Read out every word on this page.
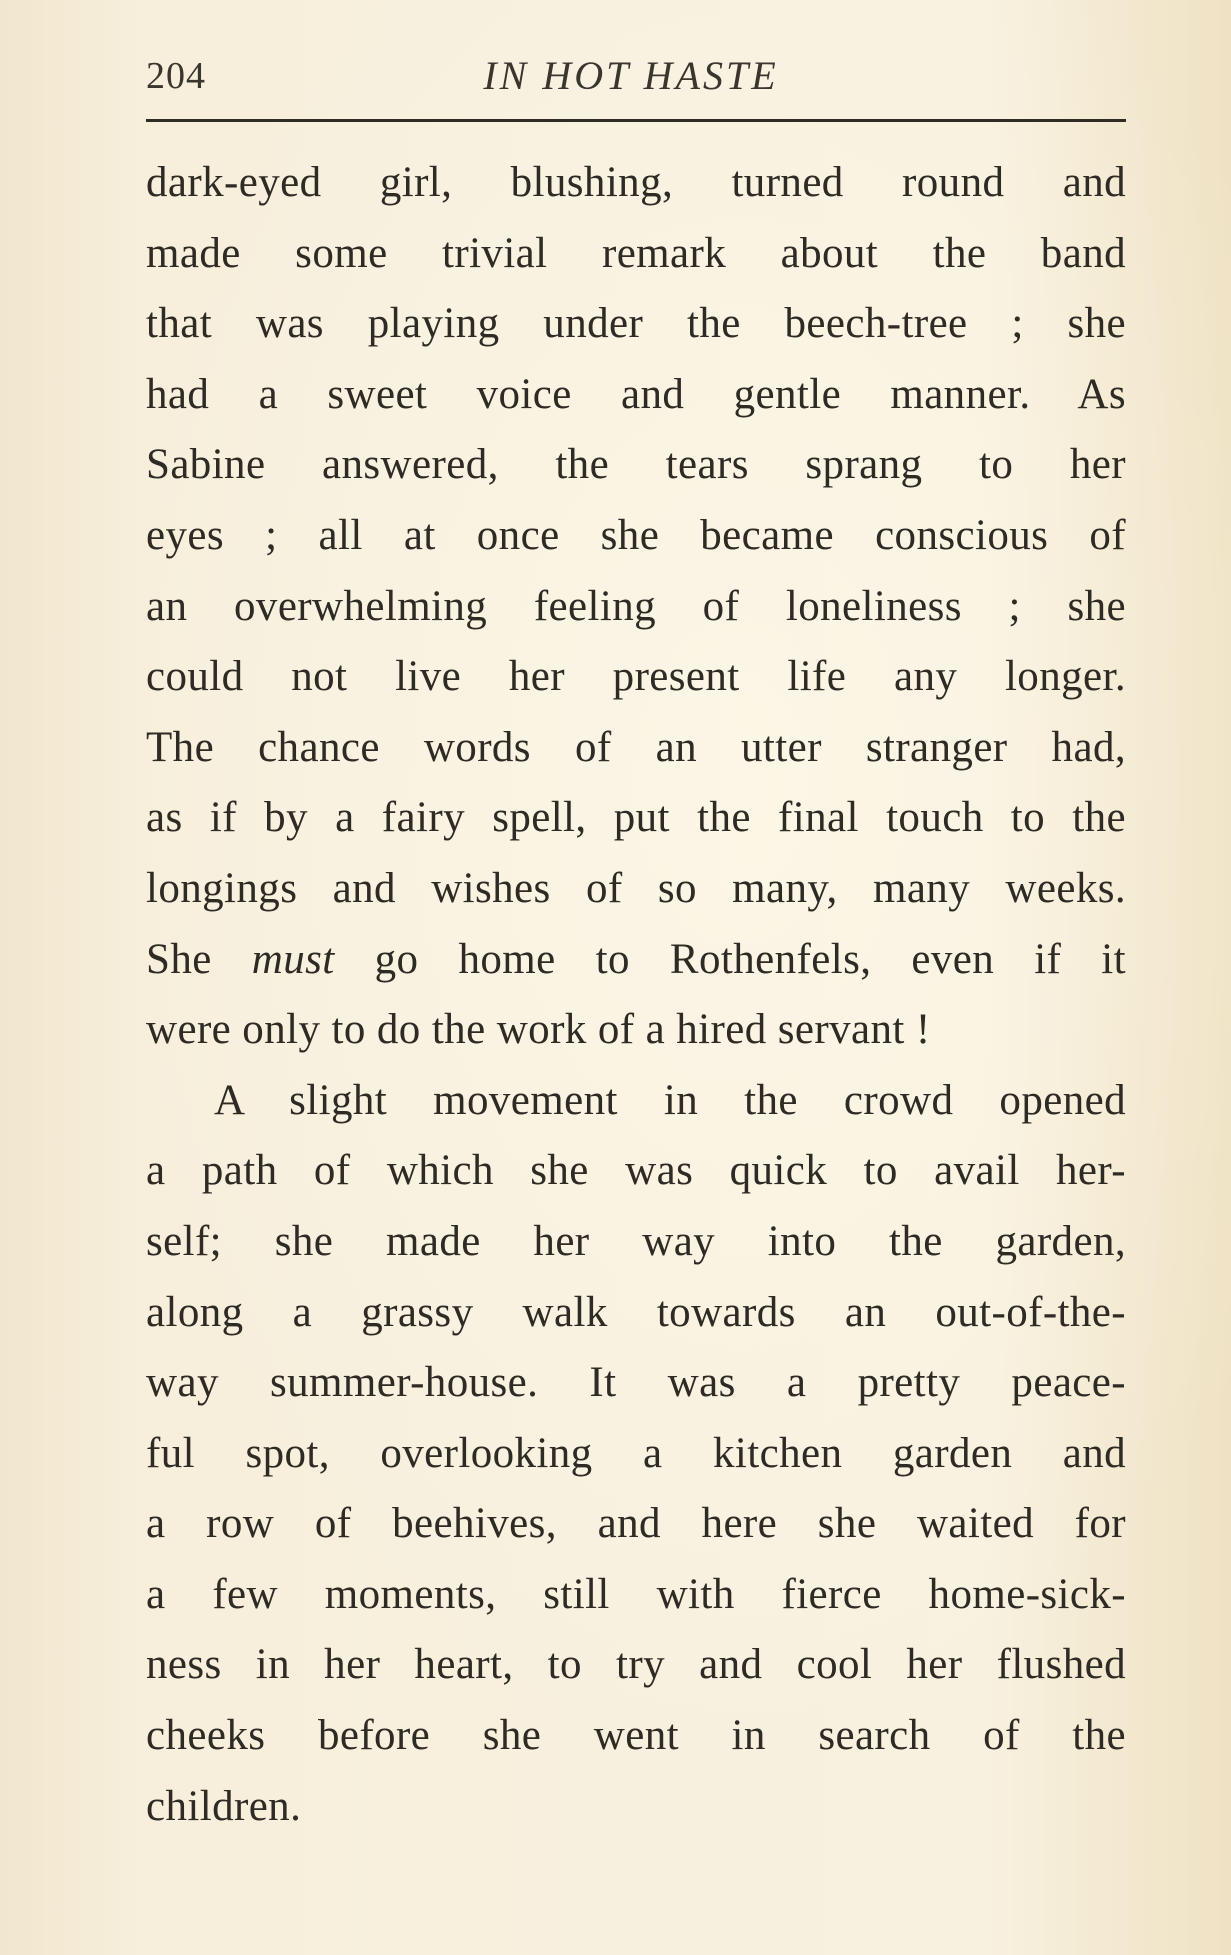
204	IN HOT HASTE
dark-eyed girl, blushing, turned round and
made some trivial remark about the band
that was playing under the beech-tree ; she
had a sweet voice and gentle manner. As
Sabine answered, the tears sprang to her
eyes ; all at once she became conscious of
an overwhelming feeling of loneliness ; she
could not live her present life any longer.
The chance words of an utter stranger had,
as if by a fairy spell, put the final touch to the
longings and wishes of so many, many weeks.
She must go home to Rothenfels, even if it
were only to do the work of a hired servant !
A slight movement in the crowd opened
a path of which she was quick to avail her-
self; she made her way into the garden,
along a grassy walk towards an out-of-the-
way summer-house. It was a pretty peace-
ful spot, overlooking a kitchen garden and
a row of beehives, and here she waited for
a few moments, still with fierce home-sick-
ness in her heart, to try and cool her flushed
cheeks before she went in search of the
children.
